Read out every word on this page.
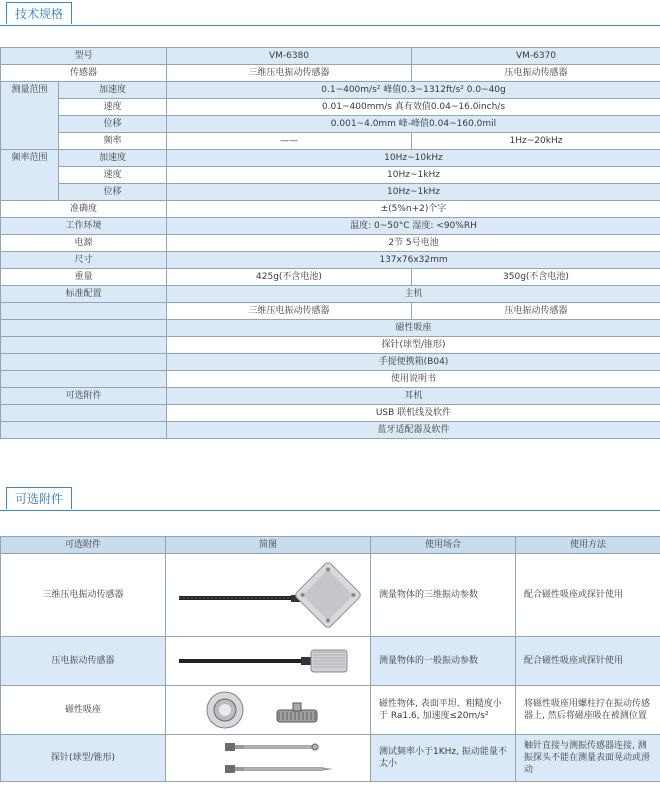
技术规格
型号		VM-6380	VM-6370
传感器		三维压电振动传感器	压电振动传感器
测量范围	加速度	0.1~400m/s² 峰值0.3~1312ft/s² 0.0~40g	
	速度	0.01~400mm/s 真有效值0.04~16.0inch/s	
	位移	0.001~4.0mm 峰-峰值0.04~160.0mil	
	频率	——	1Hz~20kHz
频率范围	加速度	10Hz~10kHz	
	速度	10Hz~1kHz	
	位移	10Hz~1kHz	
准确度		±(5%n+2)个字	
工作环境		温度: 0~50°C 湿度: <90%RH	
电源		2节 5号电池	
尺寸		137x76x32mm	
重量		425g(不含电池)	350g(不含电池)
标准配置		主机	
		三维压电振动传感器	压电振动传感器
		磁性吸座	
		探针(球型/锥形)	
		手提便携箱(B04)	
		使用说明书	
可选附件		耳机	
		USB 联机线及软件	
		蓝牙适配器及软件	
可选附件
可选附件	简图	使用场合	使用方法
三维压电振动传感器		测量物体的三维振动参数	配合磁性吸座或探针使用
压电振动传感器		测量物体的一般振动参数	配合磁性吸座或探针使用
磁性吸座		磁性物体, 表面平坦、粗糙度小于 Ra1.6, 加速度≤20m/s²	将磁性吸座用螺柱拧在振动传感器上, 然后将磁座吸在被测位置
探针(球型/锥形)		测试频率小于1KHz, 振动能量不太小	触针直接与测振传感器连接, 测振探头不能在测量表面晃动或滑动
